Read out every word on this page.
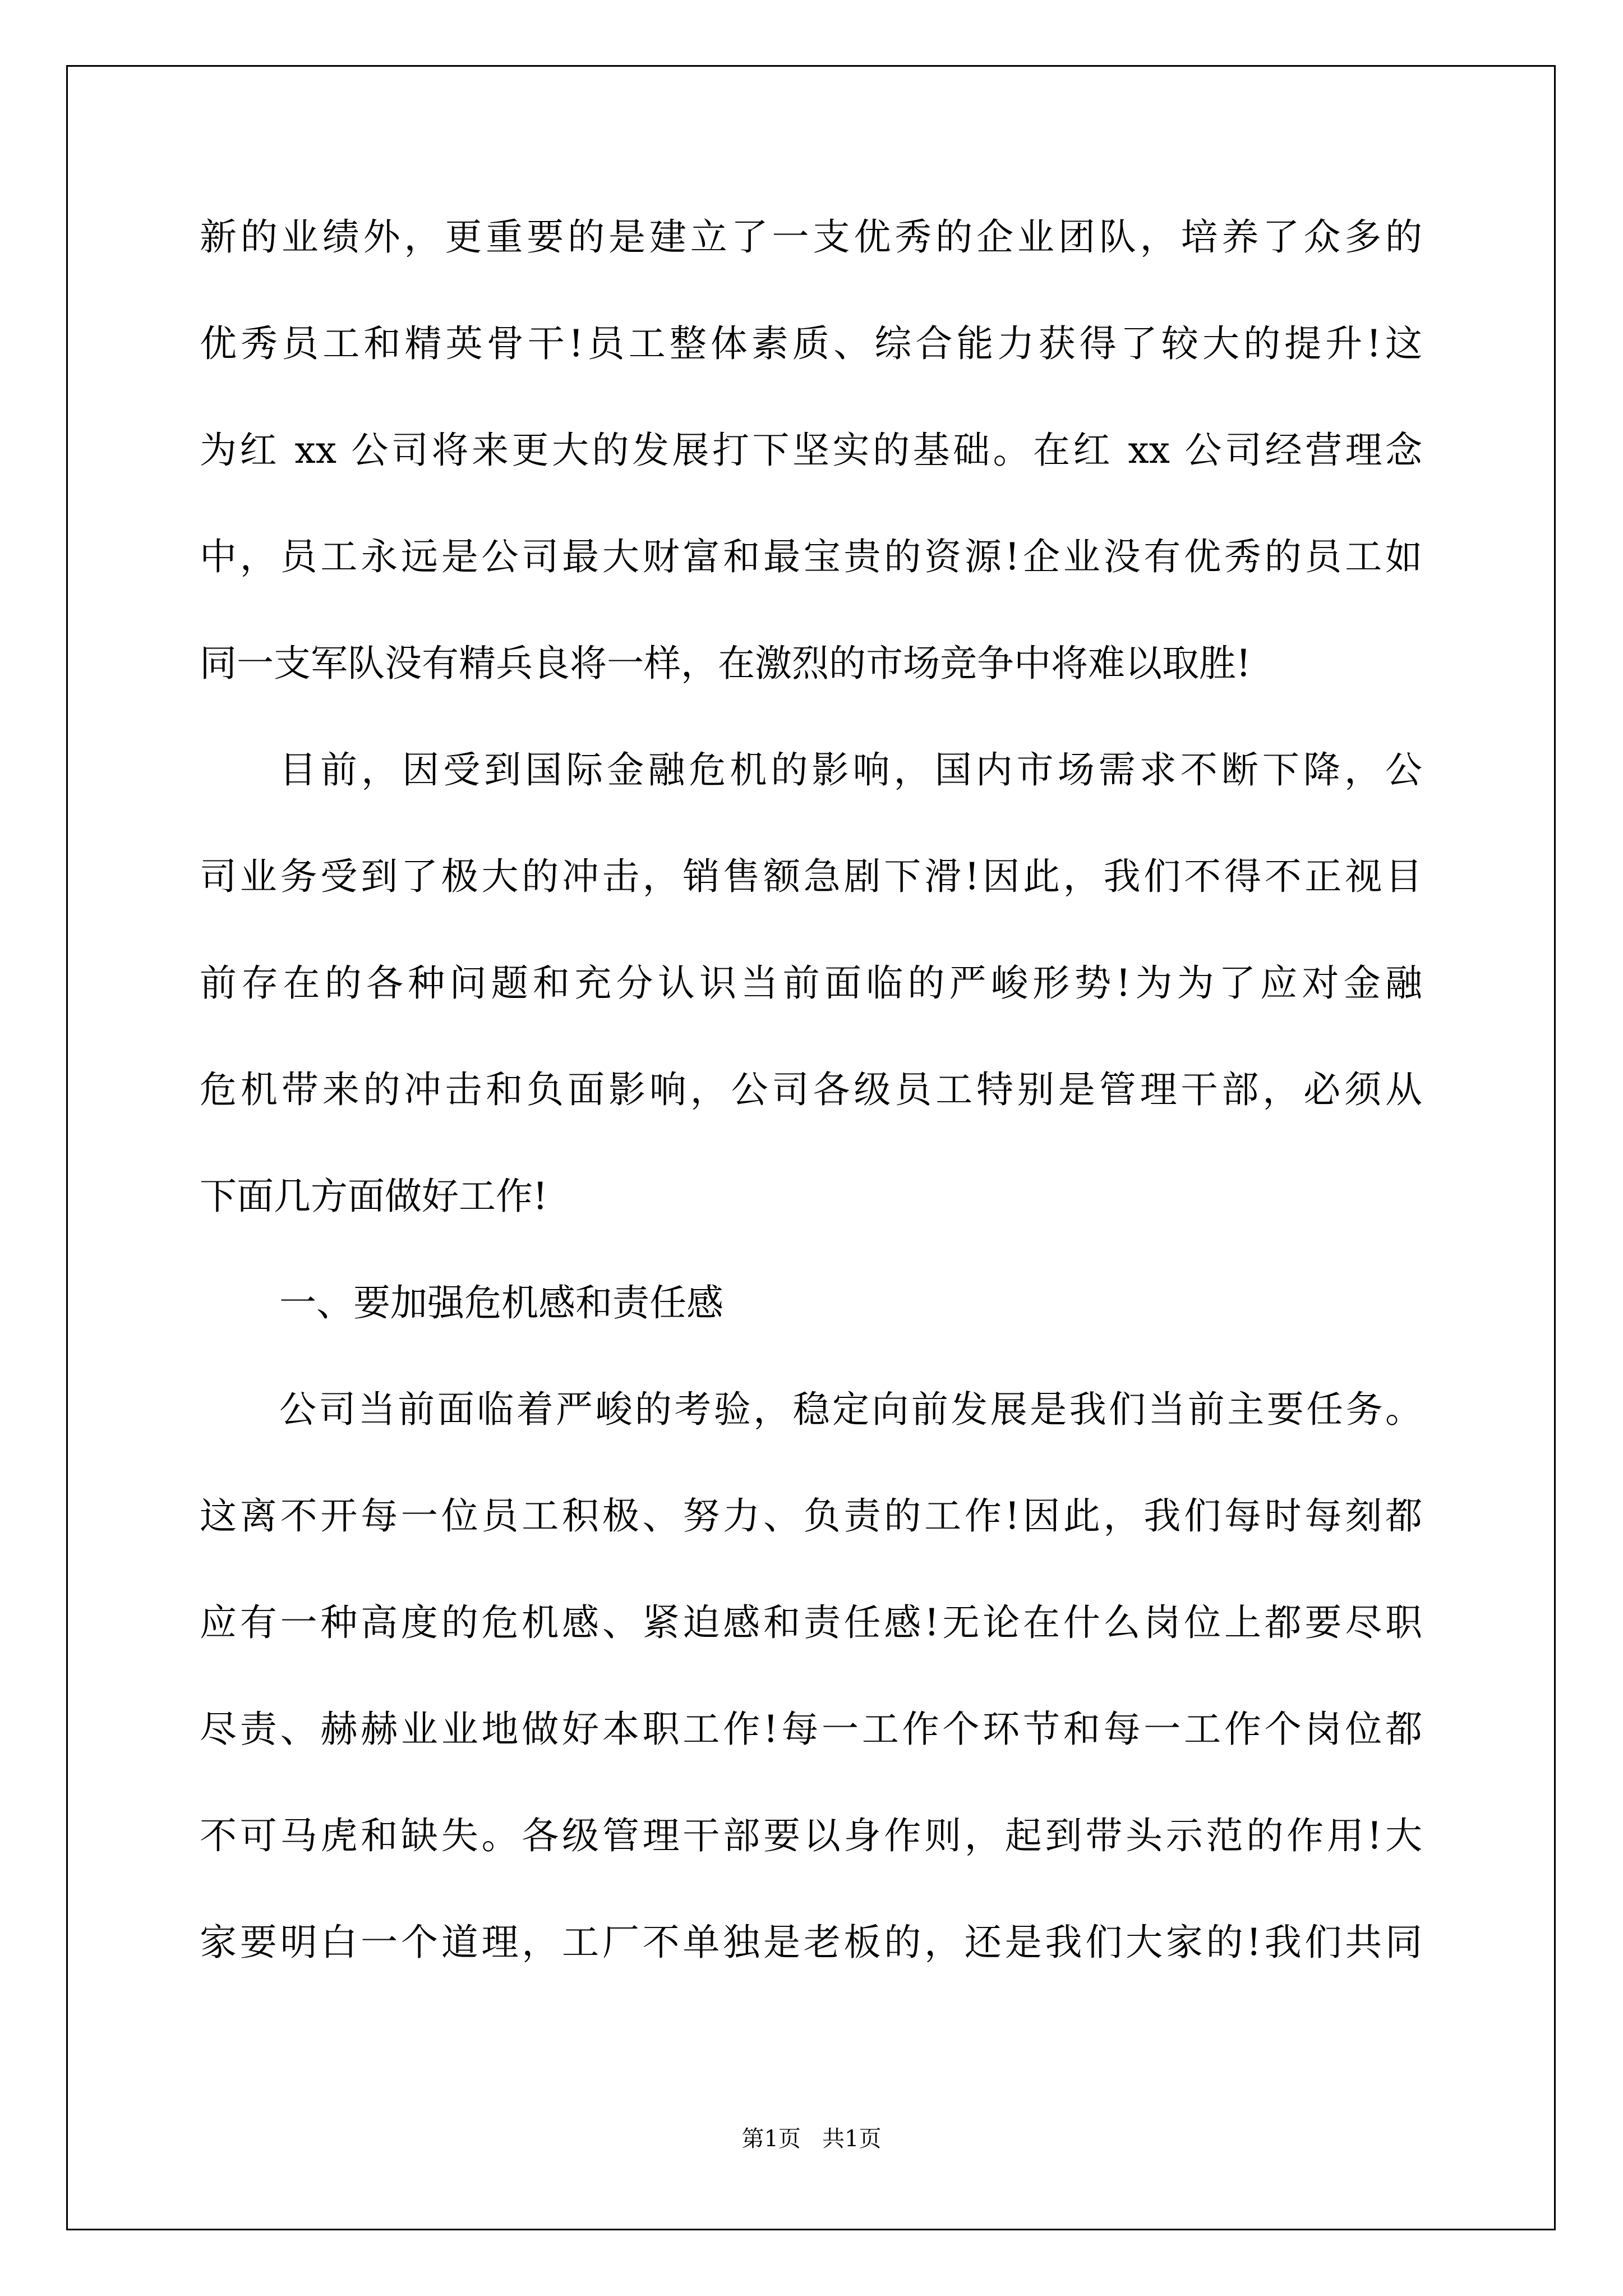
新的业绩外，更重要的是建立了一支优秀的企业团队，培养了众多的
优秀员工和精英骨干!员工整体素质、综合能力获得了较大的提升!这
为红 xx 公司将来更大的发展打下坚实的基础。在红 xx 公司经营理念
中，员工永远是公司最大财富和最宝贵的资源!企业没有优秀的员工如
同一支军队没有精兵良将一样，在激烈的市场竞争中将难以取胜!
目前，因受到国际金融危机的影响，国内市场需求不断下降，公
司业务受到了极大的冲击，销售额急剧下滑!因此，我们不得不正视目
前存在的各种问题和充分认识当前面临的严峻形势!为为了应对金融
危机带来的冲击和负面影响，公司各级员工特别是管理干部，必须从
下面几方面做好工作!
一、要加强危机感和责任感
公司当前面临着严峻的考验，稳定向前发展是我们当前主要任务。
这离不开每一位员工积极、努力、负责的工作!因此，我们每时每刻都
应有一种高度的危机感、紧迫感和责任感!无论在什么岗位上都要尽职
尽责、赫赫业业地做好本职工作!每一工作个环节和每一工作个岗位都
不可马虎和缺失。各级管理干部要以身作则，起到带头示范的作用!大
家要明白一个道理，工厂不单独是老板的，还是我们大家的!我们共同
第1页   共1页
